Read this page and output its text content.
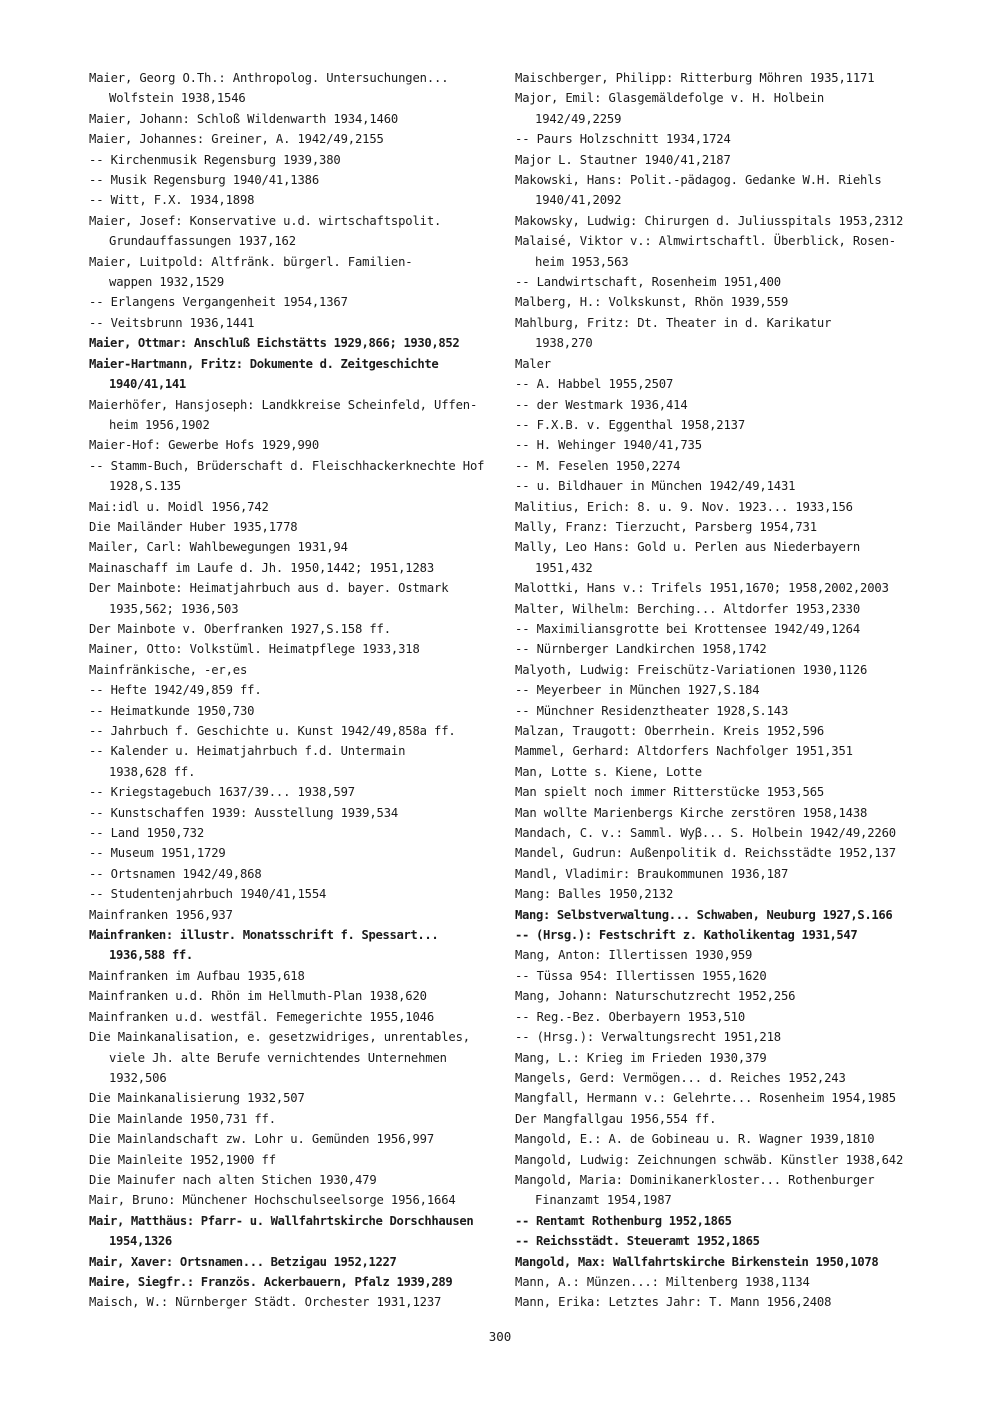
Maier, Georg O.Th.: Anthropolog. Untersuchungen...
Wolfstein 1938,1546
Maier, Johann: Schloß Wildenwarth 1934,1460
Maier, Johannes: Greiner, A. 1942/49,2155
-- Kirchenmusik Regensburg 1939,380
-- Musik Regensburg 1940/41,1386
-- Witt, F.X. 1934,1898
Maier, Josef: Konservative u.d. wirtschaftspolit.
Grundauffassungen 1937,162
Maier, Luitpold: Altfränk. bürgerl. Familien-
wappen 1932,1529
-- Erlangens Vergangenheit 1954,1367
-- Veitsbrunn 1936,1441
Maier, Ottmar: Anschluß Eichstätts 1929,866; 1930,852
Maier-Hartmann, Fritz: Dokumente d. Zeitgeschichte
1940/41,141
Maierhöfer, Hansjoseph: Landkkreise Scheinfeld, Uffen-
heim 1956,1902
Maier-Hof: Gewerbe Hofs 1929,990
-- Stamm-Buch, Brüderschaft d. Fleischhackerknechte Hof
1928,S.135
Mai:idl u. Moidl 1956,742
Die Mailänder Huber 1935,1778
Mailer, Carl: Wahlbewegungen 1931,94
Mainaschaff im Laufe d. Jh. 1950,1442; 1951,1283
Der Mainbote: Heimatjahrbuch aus d. bayer. Ostmark
1935,562; 1936,503
Der Mainbote v. Oberfranken 1927,S.158 ff.
Mainer, Otto: Volkstüml. Heimatpflege 1933,318
Mainfränkische, -er,es
-- Hefte 1942/49,859 ff.
-- Heimatkunde 1950,730
-- Jahrbuch f. Geschichte u. Kunst 1942/49,858a ff.
-- Kalender u. Heimatjahrbuch f.d. Untermain
1938,628 ff.
-- Kriegstagebuch 1637/39... 1938,597
-- Kunstschaffen 1939: Ausstellung 1939,534
-- Land 1950,732
-- Museum 1951,1729
-- Ortsnamen 1942/49,868
-- Studentenjahrbuch 1940/41,1554
Mainfranken 1956,937
Mainfranken: illustr. Monatsschrift f. Spessart...
1936,588 ff.
Mainfranken im Aufbau 1935,618
Mainfranken u.d. Rhön im Hellmuth-Plan 1938,620
Mainfranken u.d. westfäl. Femegerichte 1955,1046
Die Mainkanalisation, e. gesetzwidriges, unrentables,
viele Jh. alte Berufe vernichtendes Unternehmen
1932,506
Die Mainkanalisierung 1932,507
Die Mainlande 1950,731 ff.
Die Mainlandschaft zw. Lohr u. Gemünden 1956,997
Die Mainleite 1952,1900 ff
Die Mainufer nach alten Stichen 1930,479
Mair, Bruno: Münchener Hochschulseelsorge 1956,1664
Mair, Matthäus: Pfarr- u. Wallfahrtskirche Dorschhausen
1954,1326
Mair, Xaver: Ortsnamen... Betzigau 1952,1227
Maire, Siegfr.: Französ. Ackerbauern, Pfalz 1939,289
Maisch, W.: Nürnberger Städt. Orchester 1931,1237
Maischberger, Philipp: Ritterburg Möhren 1935,1171
Major, Emil: Glasgemäldefolge v. H. Holbein
1942/49,2259
-- Paurs Holzschnitt 1934,1724
Major L. Stautner 1940/41,2187
Makowski, Hans: Polit.-pädagog. Gedanke W.H. Riehls
1940/41,2092
Makowsky, Ludwig: Chirurgen d. Juliusspitals 1953,2312
Malaisé, Viktor v.: Almwirtschaftl. Überblick, Rosen-
heim 1953,563
-- Landwirtschaft, Rosenheim 1951,400
Malberg, H.: Volkskunst, Rhön 1939,559
Mahlburg, Fritz: Dt. Theater in d. Karikatur
1938,270
Maler
-- A. Habbel 1955,2507
-- der Westmark 1936,414
-- F.X.B. v. Eggenthal 1958,2137
-- H. Wehinger 1940/41,735
-- M. Feselen 1950,2274
-- u. Bildhauer in München 1942/49,1431
Malitius, Erich: 8. u. 9. Nov. 1923... 1933,156
Mally, Franz: Tierzucht, Parsberg 1954,731
Mally, Leo Hans: Gold u. Perlen aus Niederbayern
1951,432
Malottki, Hans v.: Trifels 1951,1670; 1958,2002,2003
Malter, Wilhelm: Berching... Altdorfer 1953,2330
-- Maximiliansgrotte bei Krottensee 1942/49,1264
-- Nürnberger Landkirchen 1958,1742
Malyoth, Ludwig: Freischütz-Variationen 1930,1126
-- Meyerbeer in München 1927,S.184
-- Münchner Residenztheater 1928,S.143
Malzan, Traugott: Oberrhein. Kreis 1952,596
Mammel, Gerhard: Altdorfers Nachfolger 1951,351
Man, Lotte s. Kiene, Lotte
Man spielt noch immer Ritterstücke 1953,565
Man wollte Marienbergs Kirche zerstören 1958,1438
Mandach, C. v.: Samml. Wyβ... S. Holbein 1942/49,2260
Mandel, Gudrun: Außenpolitik d. Reichsstädte 1952,137
Mandl, Vladimir: Braukommunen 1936,187
Mang: Balles 1950,2132
Mang: Selbstverwaltung... Schwaben, Neuburg 1927,S.166
-- (Hrsg.): Festschrift z. Katholikentag 1931,547
Mang, Anton: Illertissen 1930,959
-- Tüssa 954: Illertissen 1955,1620
Mang, Johann: Naturschutzrecht 1952,256
-- Reg.-Bez. Oberbayern 1953,510
-- (Hrsg.): Verwaltungsrecht 1951,218
Mang, L.: Krieg im Frieden 1930,379
Mangels, Gerd: Vermögen... d. Reiches 1952,243
Mangfall, Hermann v.: Gelehrte... Rosenheim 1954,1985
Der Mangfallgau 1956,554 ff.
Mangold, E.: A. de Gobineau u. R. Wagner 1939,1810
Mangold, Ludwig: Zeichnungen schwäb. Künstler 1938,642
Mangold, Maria: Dominikanerkloster... Rothenburger
Finanzamt 1954,1987
-- Rentamt Rothenburg 1952,1865
-- Reichsstädt. Steueramt 1952,1865
Mangold, Max: Wallfahrtskirche Birkenstein 1950,1078
Mann, A.: Münzen...: Miltenberg 1938,1134
Mann, Erika: Letztes Jahr: T. Mann 1956,2408
300
